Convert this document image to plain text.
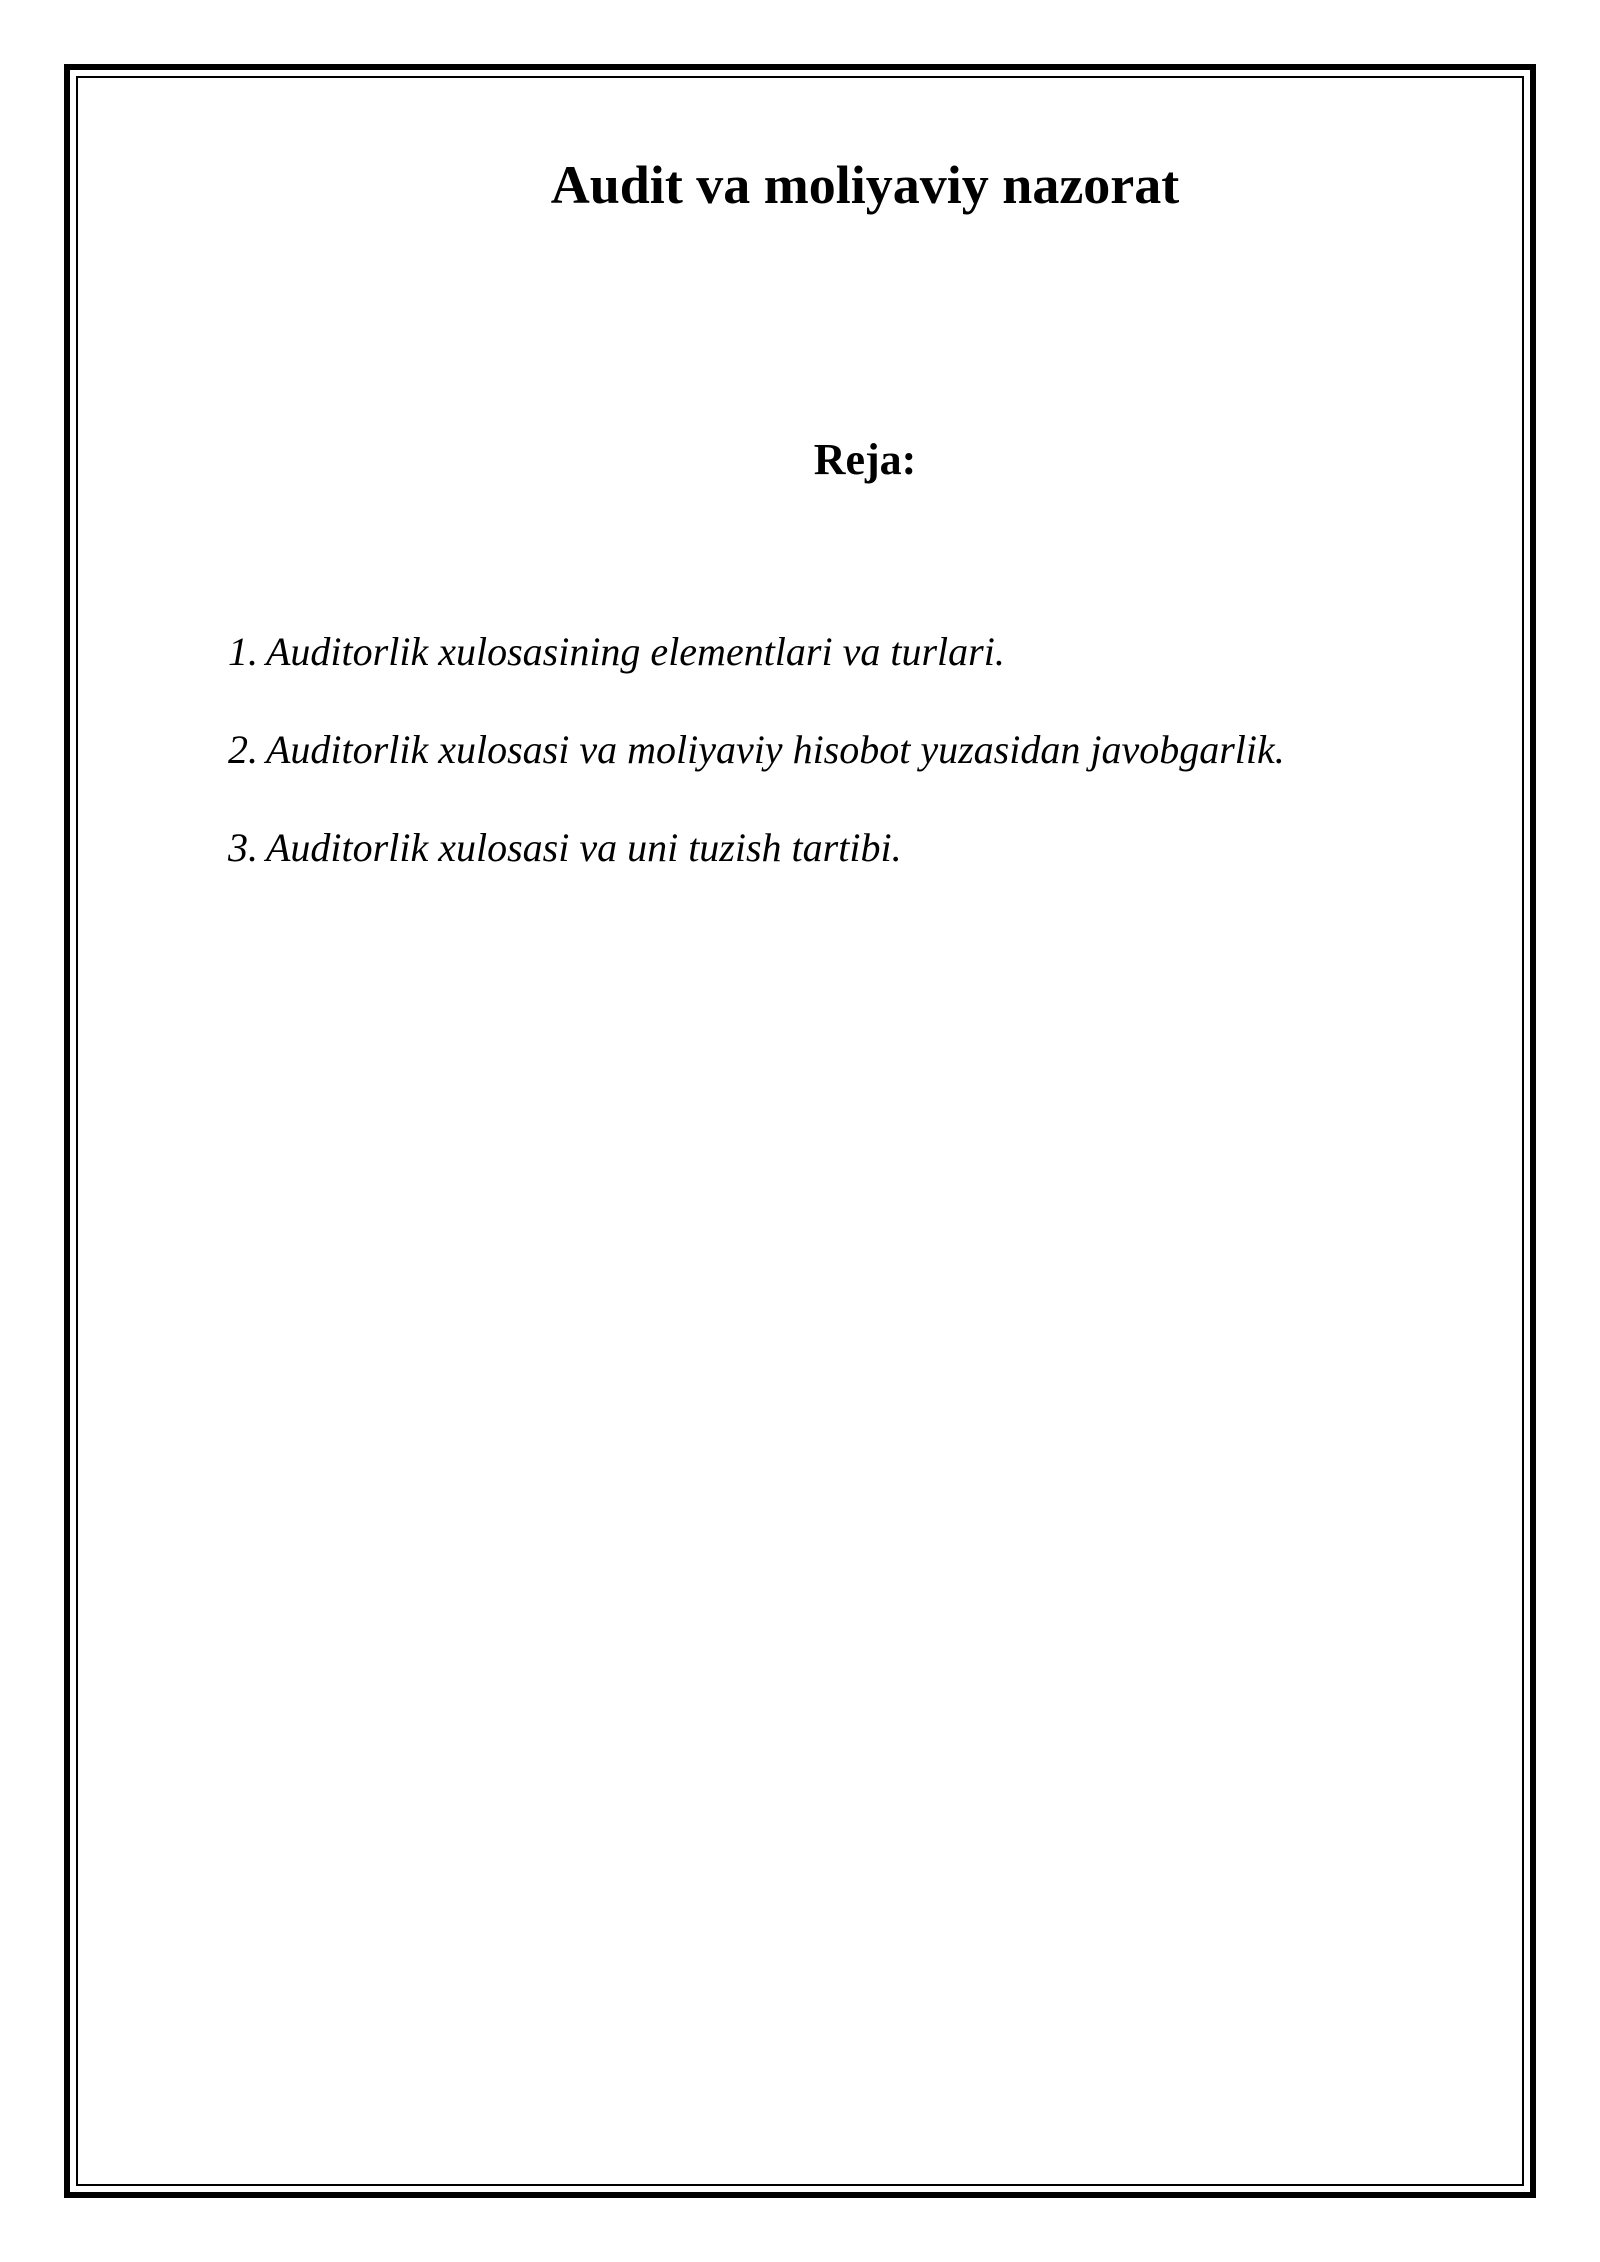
Audit va moliyaviy nazorat
Reja:
1. Auditorlik xulosasining elementlari va turlari.
2. Auditorlik xulosasi va moliyaviy hisobot yuzasidan javobgarlik.
3. Auditorlik xulosasi va uni tuzish tartibi.
